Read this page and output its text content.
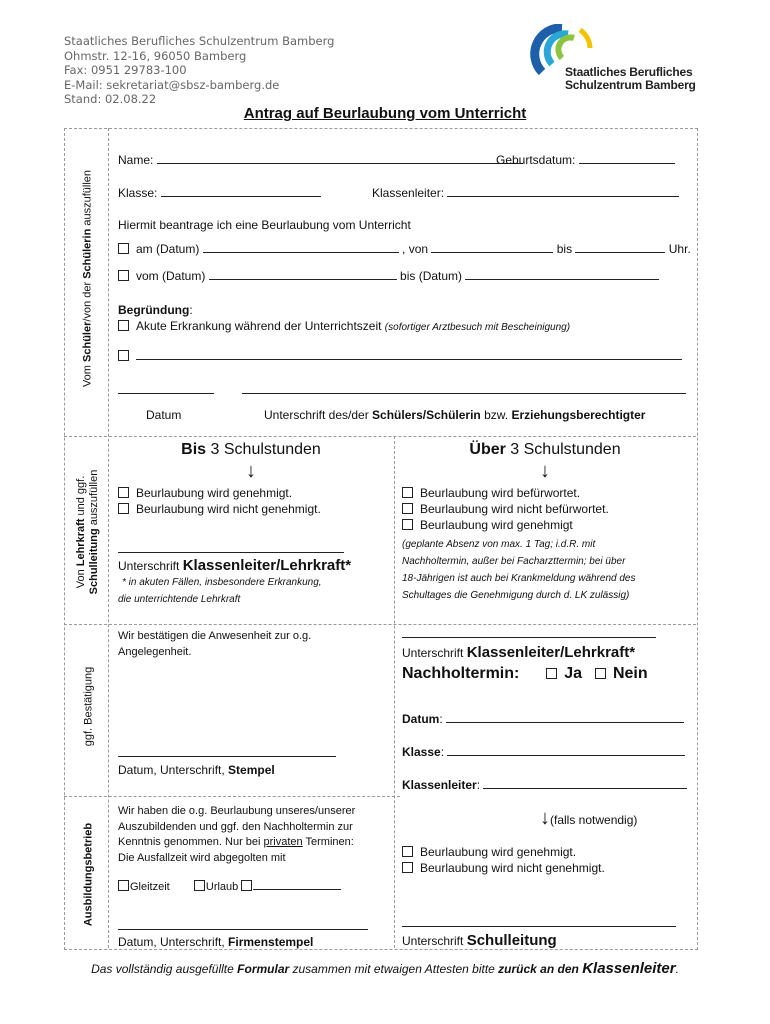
Staatliches Berufliches Schulzentrum Bamberg
Ohmstr. 12-16, 96050 Bamberg
Fax: 0951 29783-100
E-Mail: sekretariat@sbsz-bamberg.de
Stand: 02.08.22
Staatliches Berufliches
Schulzentrum Bamberg
Antrag auf Beurlaubung vom Unterricht
Vom Schüler/von der Schülerin auszufüllen
Von Lehrkraft und ggf.
Schulleitung auszufüllen
ggf. Bestätigung
Ausbildungsbetrieb
Name:	Geburtsdatum:
Klasse:	Klassenleiter:
Hiermit beantrage ich eine Beurlaubung vom Unterricht
am (Datum)	, von	bis	Uhr.
vom (Datum)	bis (Datum)
Begründung:
Akute Erkrankung während der Unterrichtszeit (sofortiger Arztbesuch mit Bescheinigung)
Datum	Unterschrift des/der Schülers/Schülerin bzw. Erziehungsberechtigter
Bis 3 Schulstunden
↓
Beurlaubung wird genehmigt.
Beurlaubung wird nicht genehmigt.
Unterschrift Klassenleiter/Lehrkraft*
* in akuten Fällen, insbesondere Erkrankung,
die unterrichtende Lehrkraft
Über 3 Schulstunden
↓
Beurlaubung wird befürwortet.
Beurlaubung wird nicht befürwortet.
Beurlaubung wird genehmigt
(geplante Absenz von max. 1 Tag; i.d.R. mit
Nachholtermin, außer bei Facharzttermin; bei über
18-Jährigen ist auch bei Krankmeldung während des
Schultages die Genehmigung durch d. LK zulässig)
Wir bestätigen die Anwesenheit zur o.g.
Angelegenheit.
Datum, Unterschrift, Stempel
Unterschrift Klassenleiter/Lehrkraft*
Nachholtermin:	Ja Nein
Datum:
Klasse:
Klassenleiter:
Wir haben die o.g. Beurlaubung unseres/unserer
Auszubildenden und ggf. den Nachholtermin zur
Kenntnis genommen. Nur bei privaten Terminen:
Die Ausfallzeit wird abgegolten mit
Gleitzeit	Urlaub
Datum, Unterschrift, Firmenstempel
↓(falls notwendig)
Beurlaubung wird genehmigt.
Beurlaubung wird nicht genehmigt.
Unterschrift Schulleitung
Das vollständig ausgefüllte Formular zusammen mit etwaigen Attesten bitte zurück an den Klassenleiter.
